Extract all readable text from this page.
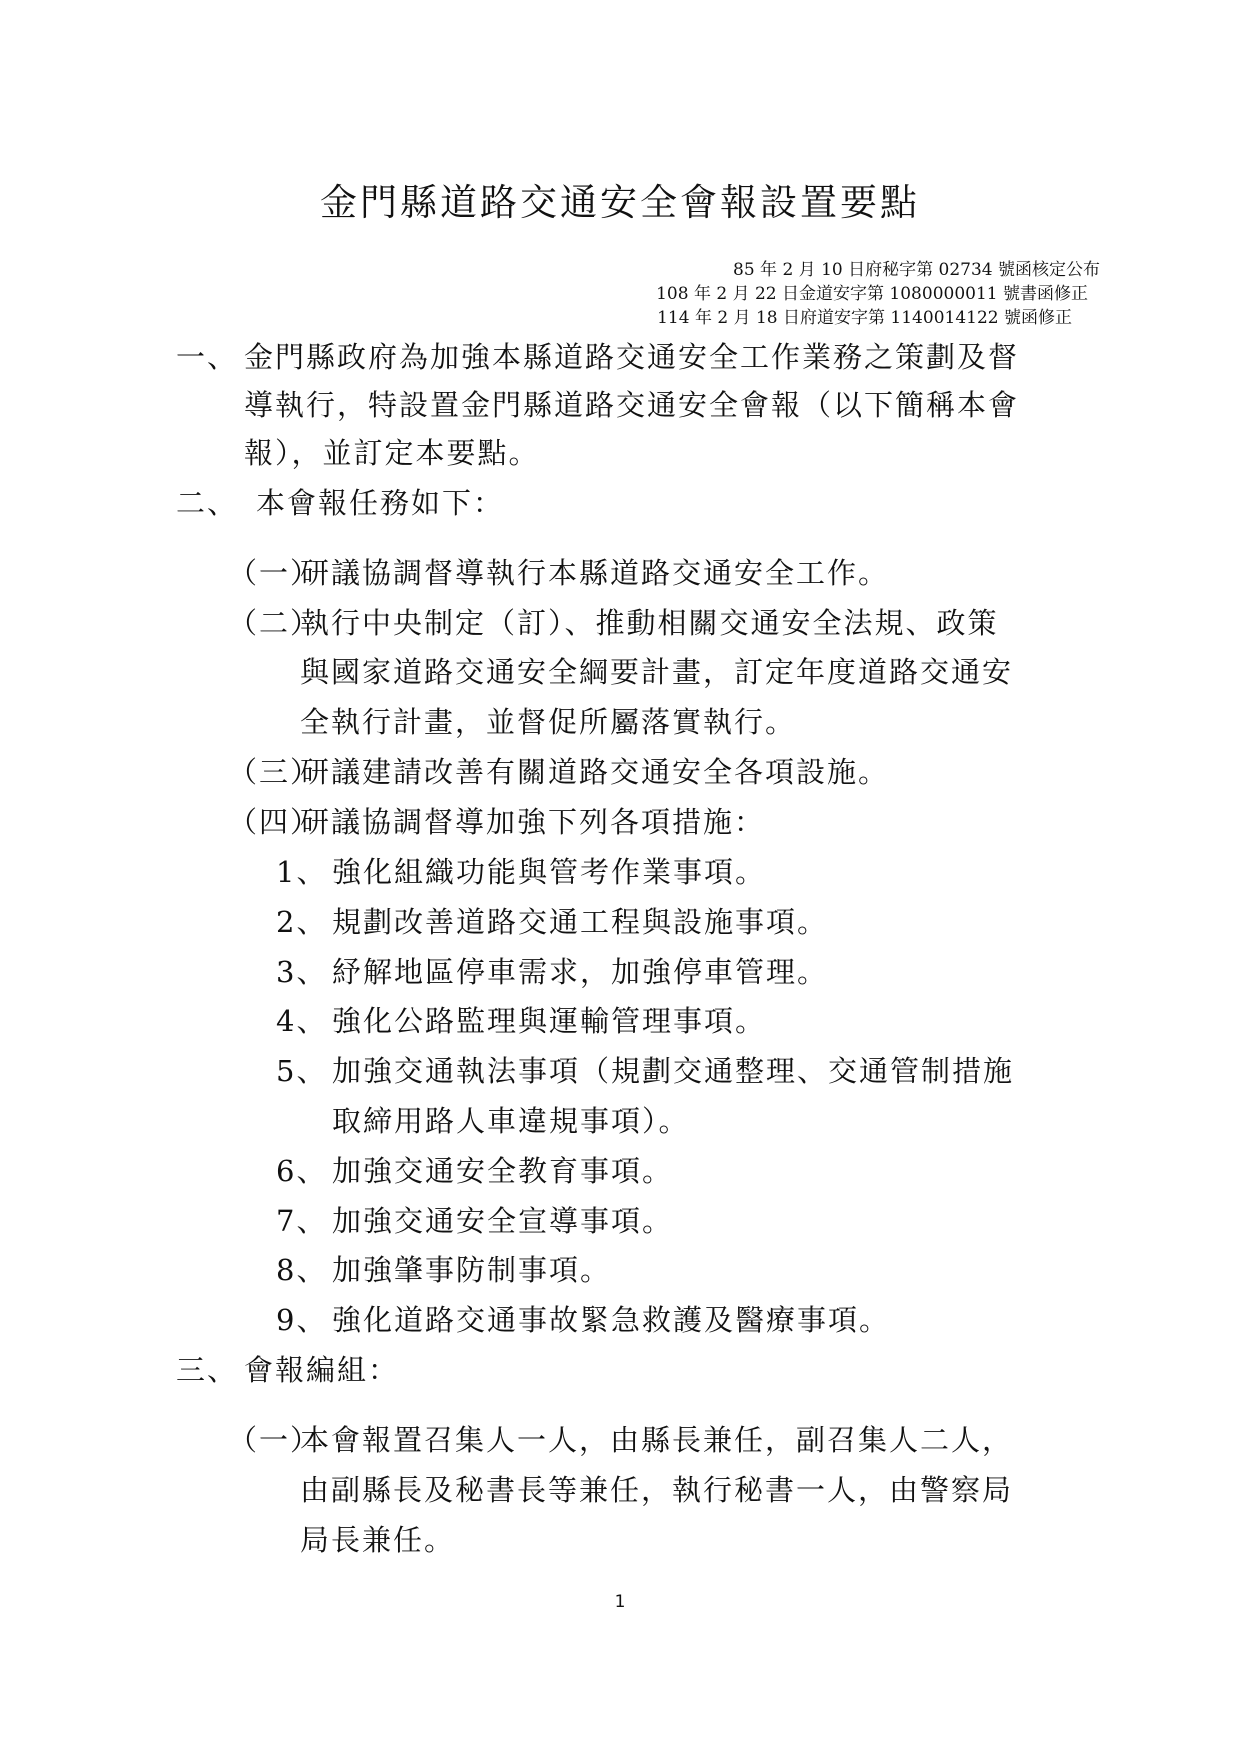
金門縣道路交通安全會報設置要點
85 年 2 月 10 日府秘字第 02734 號函核定公布
108 年 2 月 22 日金道安字第 1080000011 號書函修正
114 年 2 月 18 日府道安字第 1140014122 號函修正
一、 金門縣政府為加強本縣道路交通安全工作業務之策劃及督
導執行，特設置金門縣道路交通安全會報（以下簡稱本會
報），並訂定本要點。
二、 本會報任務如下：
（一）
研議協調督導執行本縣道路交通安全工作。
（二）
執行中央制定（訂）、推動相關交通安全法規、政策
與國家道路交通安全綱要計畫，訂定年度道路交通安
全執行計畫，並督促所屬落實執行。
（三）
研議建請改善有關道路交通安全各項設施。
（四）
研議協調督導加強下列各項措施：
1、 強化組織功能與管考作業事項。
2、 規劃改善道路交通工程與設施事項。
3、 紓解地區停車需求，加強停車管理。
4、 強化公路監理與運輸管理事項。
5、 加強交通執法事項（規劃交通整理、交通管制措施
取締用路人車違規事項）。
6、 加強交通安全教育事項。
7、 加強交通安全宣導事項。
8、 加強肇事防制事項。
9、 強化道路交通事故緊急救護及醫療事項。
三、 會報編組：
（一）
本會報置召集人一人，由縣長兼任，副召集人二人，
由副縣長及秘書長等兼任，執行秘書一人，由警察局
局長兼任。
1
